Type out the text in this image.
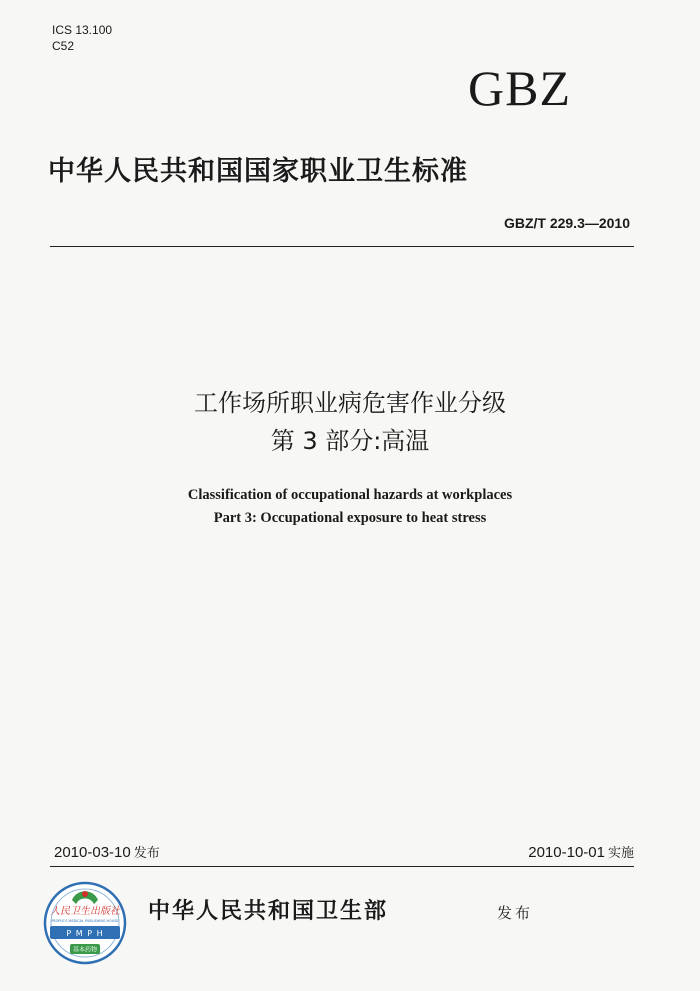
ICS 13.100
C52
GBZ
中华人民共和国国家职业卫生标准
GBZ/T 229.3—2010
工作场所职业病危害作业分级
第 3 部分:高温
Classification of occupational hazards at workplaces
Part 3: Occupational exposure to heat stress
2010-03-10 发布	2010-10-01 实施
人民卫生出版社
PEOPLE'S MEDICAL PUBLISHING HOUSE
P M P H
基本药物
中华人民共和国卫生部	发布
